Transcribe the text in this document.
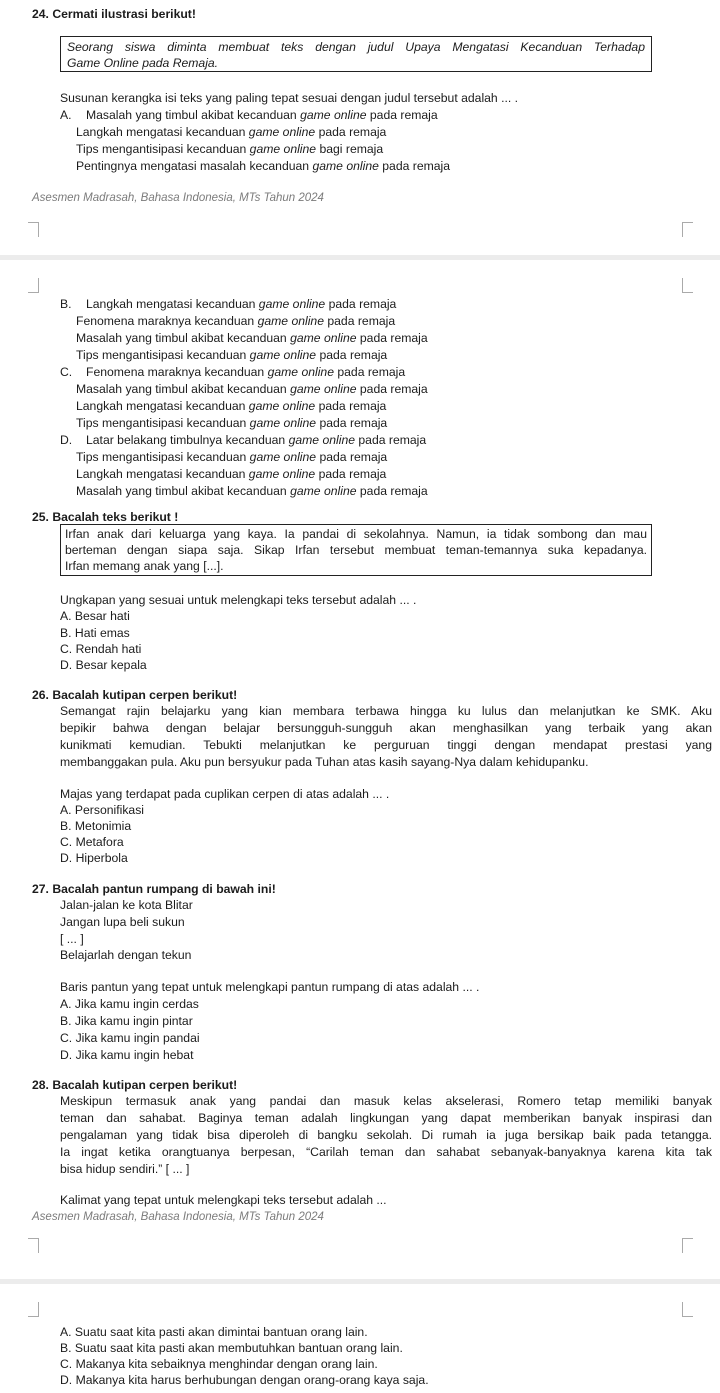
24. Cermati ilustrasi berikut!
Seorang siswa diminta membuat teks dengan judul Upaya Mengatasi Kecanduan Terhadap
Game Online pada Remaja.
Susunan kerangka isi teks yang paling tepat sesuai dengan judul tersebut adalah ... .
A. Masalah yang timbul akibat kecanduan game online pada remaja
Langkah mengatasi kecanduan game online pada remaja
Tips mengantisipasi kecanduan game online bagi remaja
Pentingnya mengatasi masalah kecanduan game online pada remaja
Asesmen Madrasah, Bahasa Indonesia, MTs Tahun 2024
B. Langkah mengatasi kecanduan game online pada remaja
Fenomena maraknya kecanduan game online pada remaja
Masalah yang timbul akibat kecanduan game online pada remaja
Tips mengantisipasi kecanduan game online pada remaja
C. Fenomena maraknya kecanduan game online pada remaja
Masalah yang timbul akibat kecanduan game online pada remaja
Langkah mengatasi kecanduan game online pada remaja
Tips mengantisipasi kecanduan game online pada remaja
D. Latar belakang timbulnya kecanduan game online pada remaja
Tips mengantisipasi kecanduan game online pada remaja
Langkah mengatasi kecanduan game online pada remaja
Masalah yang timbul akibat kecanduan game online pada remaja
25. Bacalah teks berikut !
Irfan anak dari keluarga yang kaya. Ia pandai di sekolahnya. Namun, ia tidak sombong dan mau
berteman dengan siapa saja. Sikap Irfan tersebut membuat teman-temannya suka kepadanya.
Irfan memang anak yang [...].
Ungkapan yang sesuai untuk melengkapi teks tersebut adalah ... .
A. Besar hati
B. Hati emas
C. Rendah hati
D. Besar kepala
26. Bacalah kutipan cerpen berikut!
Semangat rajin belajarku yang kian membara terbawa hingga ku lulus dan melanjutkan ke SMK. Aku
bepikir bahwa dengan belajar bersungguh-sungguh akan menghasilkan yang terbaik yang akan
kunikmati kemudian. Tebukti melanjutkan ke perguruan tinggi dengan mendapat prestasi yang
membanggakan pula. Aku pun bersyukur pada Tuhan atas kasih sayang-Nya dalam kehidupanku.
Majas yang terdapat pada cuplikan cerpen di atas adalah ... .
A. Personifikasi
B. Metonimia
C. Metafora
D. Hiperbola
27. Bacalah pantun rumpang di bawah ini!
Jalan-jalan ke kota Blitar
Jangan lupa beli sukun
[ ... ]
Belajarlah dengan tekun
Baris pantun yang tepat untuk melengkapi pantun rumpang di atas adalah ... .
A. Jika kamu ingin cerdas
B. Jika kamu ingin pintar
C. Jika kamu ingin pandai
D. Jika kamu ingin hebat
28. Bacalah kutipan cerpen berikut!
Meskipun termasuk anak yang pandai dan masuk kelas akselerasi, Romero tetap memiliki banyak
teman dan sahabat. Baginya teman adalah lingkungan yang dapat memberikan banyak inspirasi dan
pengalaman yang tidak bisa diperoleh di bangku sekolah. Di rumah ia juga bersikap baik pada tetangga.
Ia ingat ketika orangtuanya berpesan, “Carilah teman dan sahabat sebanyak-banyaknya karena kita tak
bisa hidup sendiri.” [ ... ]
Kalimat yang tepat untuk melengkapi teks tersebut adalah ...
Asesmen Madrasah, Bahasa Indonesia, MTs Tahun 2024
A. Suatu saat kita pasti akan dimintai bantuan orang lain.
B. Suatu saat kita pasti akan membutuhkan bantuan orang lain.
C. Makanya kita sebaiknya menghindar dengan orang lain.
D. Makanya kita harus berhubungan dengan orang-orang kaya saja.
